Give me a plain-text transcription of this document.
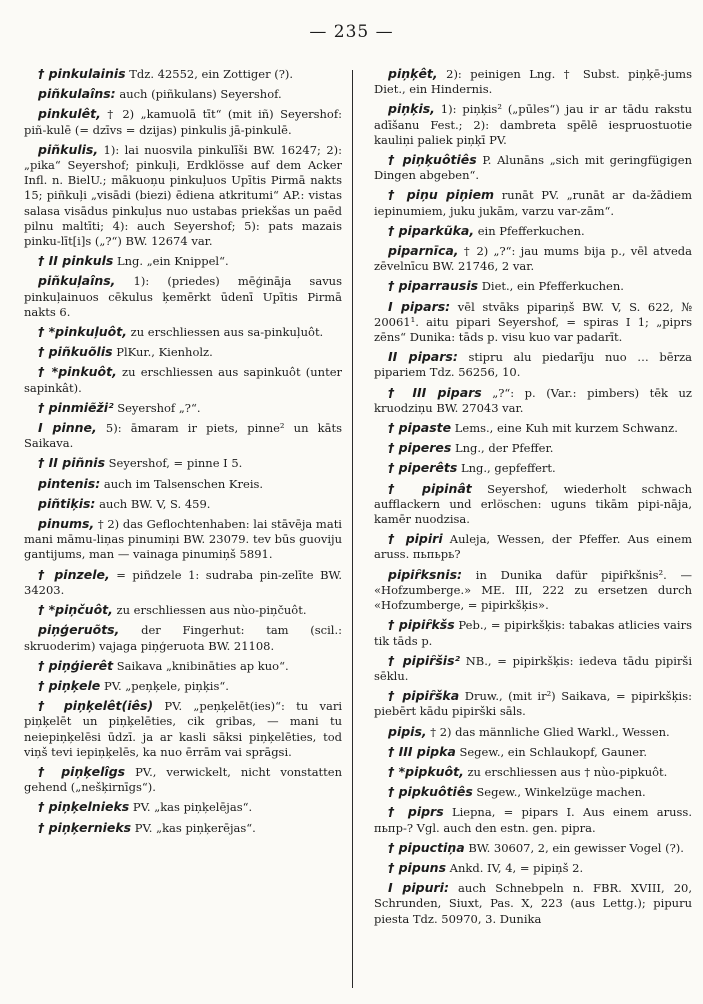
— 235 —

† pinkulainis Tdz. 42552, ein Zottiger (?).

piñkulaîns: auch (piñkulans) Seyershof.

pinkulêt, † 2) „kamuolā tīt“ (mit iñ) Seyershof: piñ-kulē (= dzīvs = dzijas) pinkulis jā-pinkulē.

piñkulis, 1): lai nuosvila pinkulīši BW. 16247; 2): „pika“ Seyershof; pinkuļi, Erdklösse auf dem Acker Infl. n. BielU.; mākuoņu pinkuļuos Upītis Pirmā nakts 15; piñkuļi „visādi (biezi) ēdiena atkritumi“ AP.: vistas salasa visādus pinkuļus nuo ustabas priekšas un paēd pilnu maltīti; 4): auch Seyershof; 5): pats mazais pinku-līt[i]s („?“) BW. 12674 var.

† II pinkuls Lng. „ein Knippel“.

piñkuļaîns, 1): (priedes) mēģināja savus pinkuļainuos cēkulus ķemērkt ūdenī Upītis Pirmā nakts 6.

† *pinkuļuôt, zu erschliessen aus sa-pinkuļuôt.

† piñkuõlis PlKur., Kienholz.

† *pinkuôt, zu erschliessen aus sapinkuôt (unter sapinkât).

† pinmiẽži² Seyershof „?“.

I pinne, 5): āmaram ir piets, pinne² un kāts Saikava.

† II piñnis Seyershof, = pinne I 5.

pintenis: auch im Talsenschen Kreis.

piñtiķis: auch BW. V, S. 459.

pinums, † 2) das Geflochtenhaben: lai stāvēja mati mani māmu-liņas pinumiņi BW. 23079. tev būs guoviju gantijums, man — vainaga pinumiņš 5891.

† pinzele, = piñdzele 1: sudraba pin-zelīte BW. 34203.

† *piņčuôt, zu erschliessen aus nùo-piņčuôt.

piņģeruõts, der Fingerhut: tam (scil.: skruoderim) vajaga piņģeruota BW. 21108.

† piņģierêt Saikava „knibināties ap kuo“.

† piņķele PV. „peņķele, piņķis“.

† piņķelêt(iês) PV. „peņķelēt(ies)“: tu vari piņķelēt un piņķelēties, cik gribas, — mani tu neiepiņķelēsi ūdzī. ja ar kasli sāksi piņķelēties, tod viņš tevi iepiņķelēs, ka nuo ērrām vai sprāgsi.

† piņķelîgs PV., verwickelt, nicht vonstatten gehend („nešķirnīgs“).

† piņķelnieks PV. „kas piņķelējas“.

† piņķernieks PV. „kas piņķerējas“.

piņķêt, 2): peinigen Lng. † Subst. piņķē-jums Diet., ein Hindernis.

piņķis, 1): piņķis² („pūles“) jau ir ar tādu rakstu adīšanu Fest.; 2): dambreta spēlē iespruostuotie kauliņi paliek piņķī PV.

† piņķuôtiês P. Alunāns „sich mit geringfügigen Dingen abgeben“.

† piņu piņiem runāt PV. „runāt ar da-žādiem iepinumiem, juku jukām, varzu var-zām“.

† piparkũka, ein Pfefferkuchen.

piparnīca, † 2) „?“: jau mums bija p., vēl atveda zēvelnīcu BW. 21746, 2 var.

† piparrausis Diet., ein Pfefferkuchen.

I pipars: vēl stvāks pipariņš BW. V, S. 622, № 20061¹. aitu pipari Seyershof, = spiras I 1; „piprs zēns“ Dunika: tāds p. visu kuo var padarīt.

II pipars: stipru alu piedarīju nuo … bērza pipariem Tdz. 56256, 10.

† III pipars „?“: p. (Var.: pimbers) tēk uz kruodziņu BW. 27043 var.

† pipaste Lems., eine Kuh mit kurzem Schwanz.

† piperes Lng., der Pfeffer.

† piperêts Lng., gepfeffert.

† pipinât Seyershof, wiederholt schwach aufflackern und erlöschen: uguns tikām pipi-nāja, kamēr nuodzisa.

† pipiri Auleja, Wessen, der Pfeffer. Aus einem aruss. пьпьрь?

pipiȓksnis: in Dunika dafür pipiȓkšnis². — «Hofzumberge.» ME. III, 222 zu ersetzen durch «Hofzumberge, = pipirkšķis».

† pipiȓkšs Peb., = pipirkšķis: tabakas atlicies vairs tik tāds p.

† pipiȓšis² NB., = pipirkšķis: iedeva tādu pipirši sēklu.

† pipiȓška Druw., (mit ir²) Saikava, = pipirkšķis: piebērt kādu pipirški sāls.

pipis, † 2) das männliche Glied Warkl., Wessen.

† III pipka Segew., ein Schlaukopf, Gauner.

† *pipkuôt, zu erschliessen aus † nùo-pipkuôt.

† pipkuôtiês Segew., Winkelzüge machen.

† piprs Liepna, = pipars I. Aus einem aruss. пьпр-? Vgl. auch den estn. gen. pipra.

† pipuctiņa BW. 30607, 2, ein gewisser Vogel (?).

† pipuns Ankd. IV, 4, = pipiņš 2.

I pipuri: auch Schnebpeln n. FBR. XVIII, 20, Schrunden, Siuxt, Pas. X, 223 (aus Lettg.); pipuru piesta Tdz. 50970, 3. Dunika
